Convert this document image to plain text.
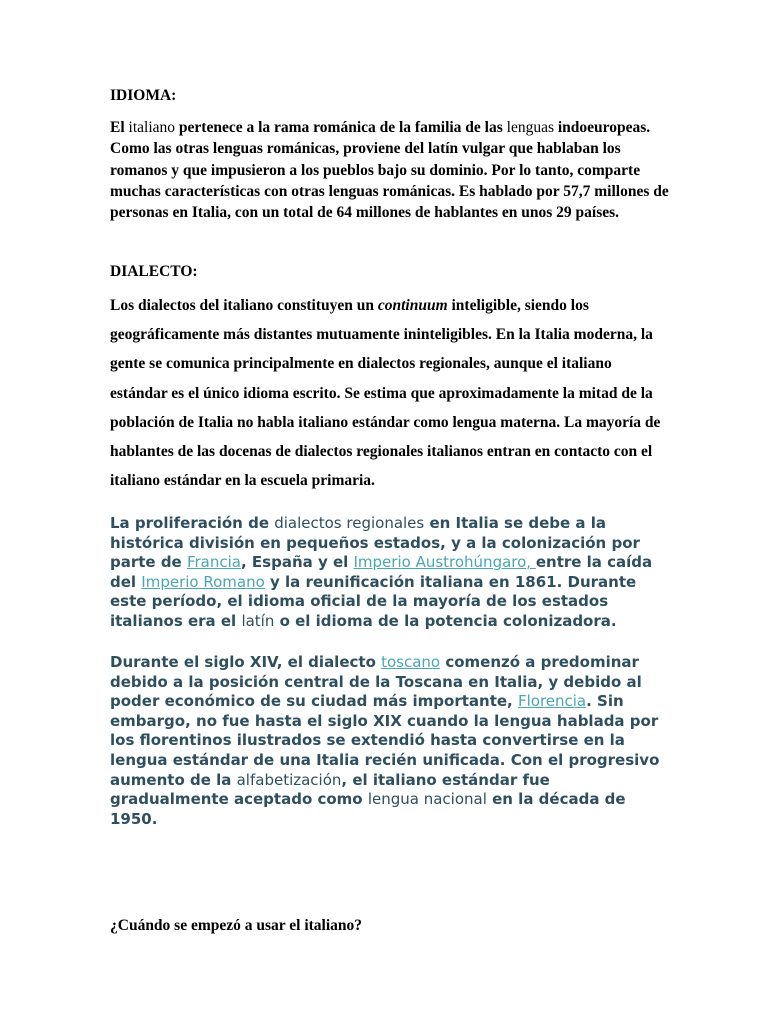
IDIOMA:

El italiano pertenece a la rama románica de la familia de las lenguas indoeuropeas. Como las otras lenguas románicas, proviene del latín vulgar que hablaban los romanos y que impusieron a los pueblos bajo su dominio. Por lo tanto, comparte muchas características con otras lenguas románicas. Es hablado por 57,7 millones de personas en Italia, con un total de 64 millones de hablantes en unos 29 países.

DIALECTO:

Los dialectos del italiano constituyen un continuum inteligible, siendo los geográficamente más distantes mutuamente ininteligibles. En la Italia moderna, la gente se comunica principalmente en dialectos regionales, aunque el italiano estándar es el único idioma escrito. Se estima que aproximadamente la mitad de la población de Italia no habla italiano estándar como lengua materna. La mayoría de hablantes de las docenas de dialectos regionales italianos entran en contacto con el italiano estándar en la escuela primaria.

La proliferación de dialectos regionales en Italia se debe a la histórica división en pequeños estados, y a la colonización por parte de Francia, España y el Imperio Austrohúngaro, entre la caída del Imperio Romano y la reunificación italiana en 1861. Durante este período, el idioma oficial de la mayoría de los estados italianos era el latín o el idioma de la potencia colonizadora.

Durante el siglo XIV, el dialecto toscano comenzó a predominar debido a la posición central de la Toscana en Italia, y debido al poder económico de su ciudad más importante, Florencia. Sin embargo, no fue hasta el siglo XIX cuando la lengua hablada por los florentinos ilustrados se extendió hasta convertirse en la lengua estándar de una Italia recién unificada. Con el progresivo aumento de la alfabetización, el italiano estándar fue gradualmente aceptado como lengua nacional en la década de 1950.

¿Cuándo se empezó a usar el italiano?
